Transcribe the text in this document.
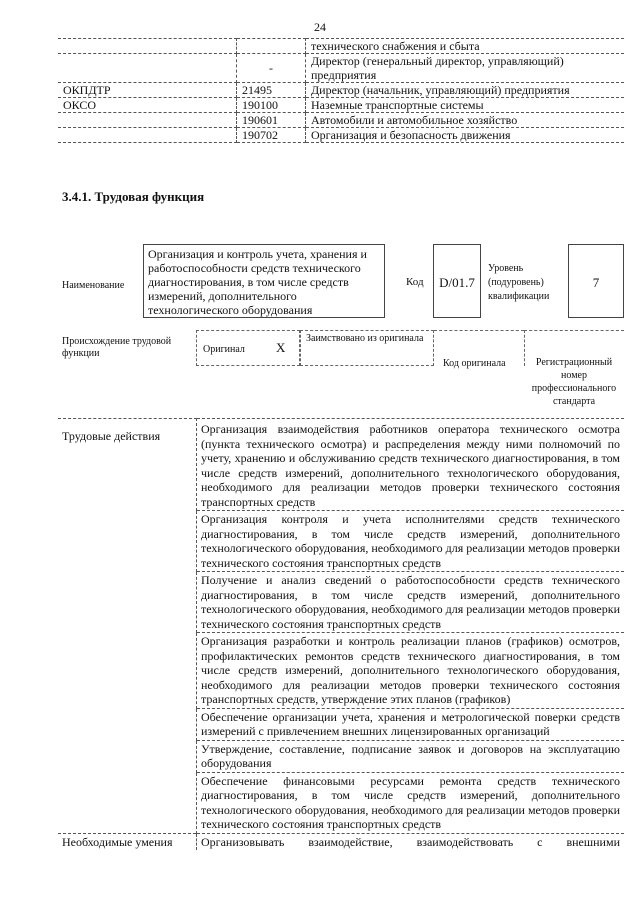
24
		технического снабжения и сбыта
	-	Директор (генеральный директор, управляющий) предприятия
ОКПДТР	21495	Директор (начальник, управляющий) предприятия
ОКСО	190100	Наземные транспортные системы
	190601	Автомобили и автомобильное хозяйство
	190702	Организация и безопасность движения
3.4.1. Трудовая функция
Наименование
Организация и контроль учета, хранения и работоспособности средств технического диагностирования, в том числе средств измерений, дополнительного технологического оборудования
Код	D/01.7
Уровень (подуровень) квалификации
7
Происхождение трудовой функции	Оригинал X
Заимствовано из оригинала
Код оригинала	Регистрационный номер профессионального стандарта
Трудовые действия	Организация взаимодействия работников оператора технического осмотра (пункта технического осмотра) и распределения между ними полномочий по учету, хранению и обслуживанию средств технического диагностирования, в том числе средств измерений, дополнительного технологического оборудования, необходимого для реализации методов проверки технического состояния транспортных средств
	Организация контроля и учета исполнителями средств технического диагностирования, в том числе средств измерений, дополнительного технологического оборудования, необходимого для реализации методов проверки технического состояния транспортных средств
	Получение и анализ сведений о работоспособности средств технического диагностирования, в том числе средств измерений, дополнительного технологического оборудования, необходимого для реализации методов проверки технического состояния транспортных средств
	Организация разработки и контроль реализации планов (графиков) осмотров, профилактических ремонтов средств технического диагностирования, в том числе средств измерений, дополнительного технологического оборудования, необходимого для реализации методов проверки технического состояния транспортных средств, утверждение этих планов (графиков)
	Обеспечение организации учета, хранения и метрологической поверки средств измерений с привлечением внешних лицензированных организаций
	Утверждение, составление, подписание заявок и договоров на эксплуатацию оборудования
	Обеспечение финансовыми ресурсами ремонта средств технического диагностирования, в том числе средств измерений, дополнительного технологического оборудования, необходимого для реализации методов проверки технического состояния транспортных средств
Необходимые умения	Организовывать взаимодействие, взаимодействовать с внешними
